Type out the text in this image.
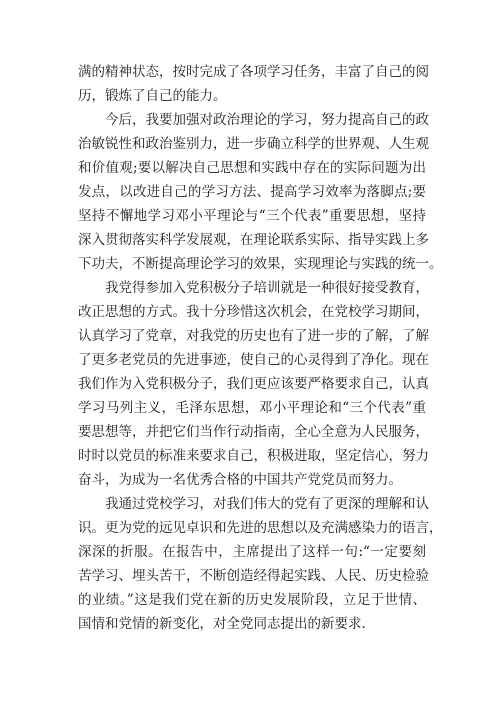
满的精神状态，按时完成了各项学习任务，丰富了自己的阅
历，锻炼了自己的能力。
今后，我要加强对政治理论的学习，努力提高自己的政
治敏锐性和政治鉴别力，进一步确立科学的世界观、人生观
和价值观;要以解决自己思想和实践中存在的实际问题为出
发点，以改进自己的学习方法、提高学习效率为落脚点;要
坚持不懈地学习邓小平理论与“三个代表”重要思想，坚持
深入贯彻落实科学发展观，在理论联系实际、指导实践上多
下功夫，不断提高理论学习的效果，实现理论与实践的统一。
我党得参加入党积极分子培训就是一种很好接受教育，
改正思想的方式。我十分珍惜这次机会，在党校学习期间，
认真学习了党章，对我党的历史也有了进一步的了解，了解
了更多老党员的先进事迹，使自己的心灵得到了净化。现在
我们作为入党积极分子，我们更应该要严格要求自己，认真
学习马列主义，毛泽东思想，邓小平理论和“三个代表”重
要思想等，并把它们当作行动指南，全心全意为人民服务，
时时以党员的标准来要求自己，积极进取，坚定信心，努力
奋斗，为成为一名优秀合格的中国共产党党员而努力。
我通过党校学习，对我们伟大的党有了更深的理解和认
识。更为党的远见卓识和先进的思想以及充满感染力的语言，
深深的折服。在报告中，主席提出了这样一句:“一定要刻
苦学习、埋头苦干，不断创造经得起实践、人民、历史检验
的业绩。”这是我们党在新的历史发展阶段，立足于世情、
国情和党情的新变化，对全党同志提出的新要求.
